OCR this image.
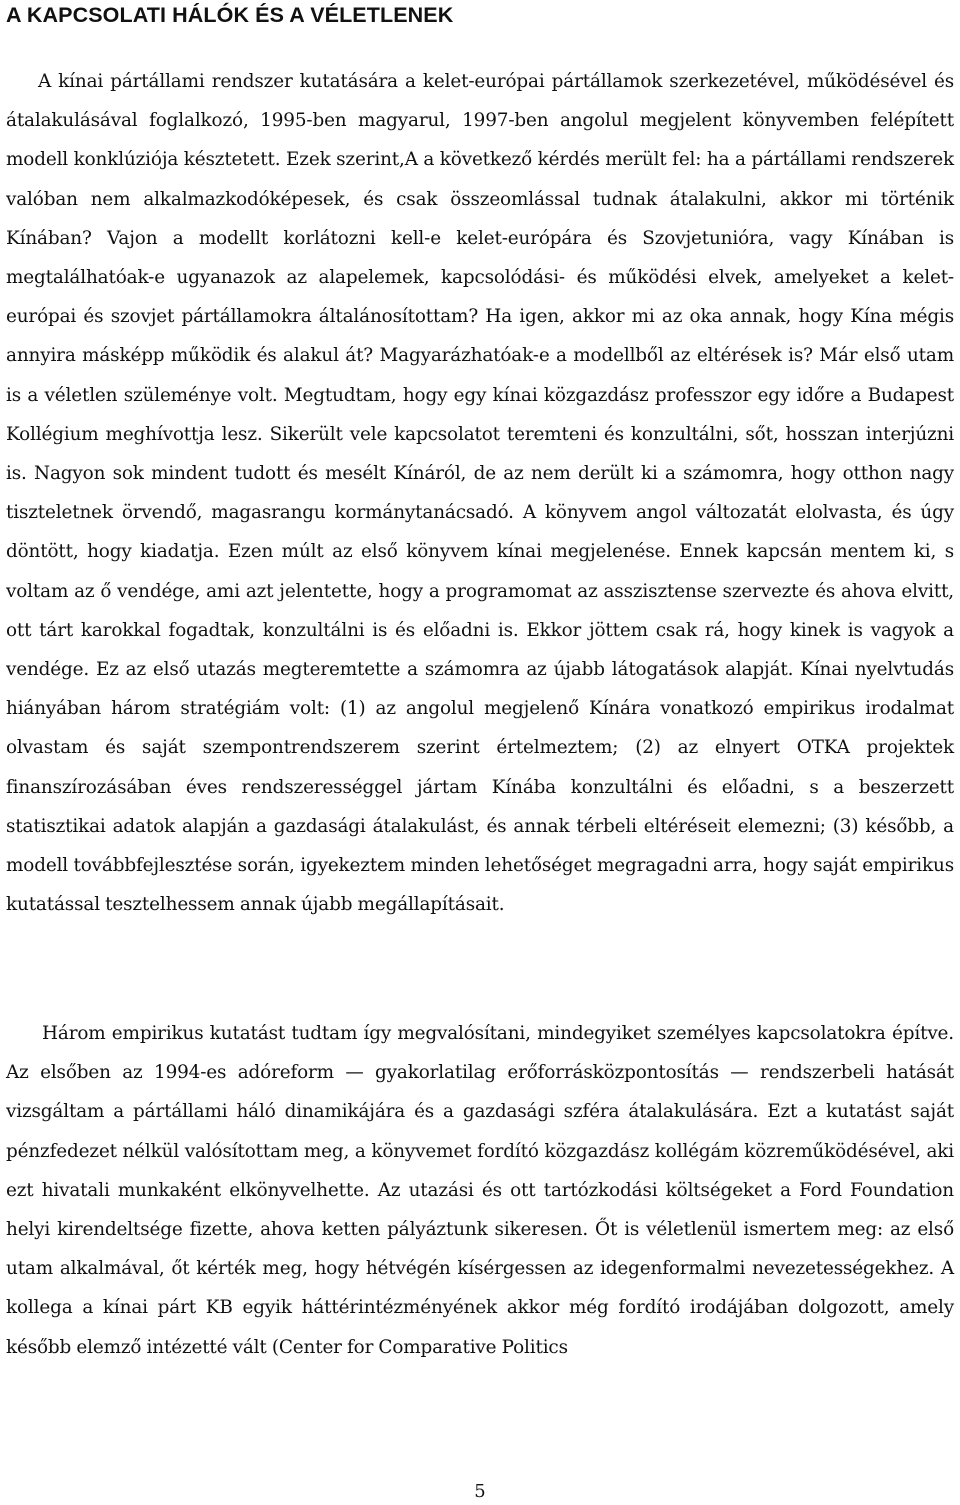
A KAPCSOLATI HÁLÓK ÉS A VÉLETLENEK

A kínai pártállami rendszer kutatására a kelet-európai pártállamok szerkezetével, működésével és átalakulásával foglalkozó, 1995-ben magyarul, 1997-ben angolul megjelent könyvemben felépített modell konklúziója késztetett. Ezek szerint,A a következő kérdés merült fel: ha a pártállami rendszerek valóban nem alkalmazkodóképesek, és csak összeomlással tudnak átalakulni, akkor mi történik Kínában? Vajon a modellt korlátozni kell-e kelet-európára és Szovjetunióra, vagy Kínában is megtalálhatóak-e ugyanazok az alapelemek, kapcsolódási- és működési elvek, amelyeket a kelet-európai és szovjet pártállamokra általánosítottam? Ha igen, akkor mi az oka annak, hogy Kína mégis annyira másképp működik és alakul át? Magyarázhatóak-e a modellből az eltérések is? Már első utam is a véletlen szüleménye volt. Megtudtam, hogy egy kínai közgazdász professzor egy időre a Budapest Kollégium meghívottja lesz. Sikerült vele kapcsolatot teremteni és konzultálni, sőt, hosszan interjúzni is. Nagyon sok mindent tudott és mesélt Kínáról, de az nem derült ki a számomra, hogy otthon nagy tiszteletnek örvendő, magasrangu kormánytanácsadó. A könyvem angol változatát elolvasta, és úgy döntött, hogy kiadatja. Ezen múlt az első könyvem kínai megjelenése. Ennek kapcsán mentem ki, s voltam az ő vendége, ami azt jelentette, hogy a programomat az asszisztense szervezte és ahova elvitt, ott tárt karokkal fogadtak, konzultálni is és előadni is. Ekkor jöttem csak rá, hogy kinek is vagyok a vendége. Ez az első utazás megteremtette a számomra az újabb látogatások alapját. Kínai nyelvtudás hiányában három stratégiám volt: (1) az angolul megjelenő Kínára vonatkozó empirikus irodalmat olvastam és saját szempontrendszerem szerint értelmeztem; (2) az elnyert OTKA projektek finanszírozásában éves rendszerességgel jártam Kínába konzultálni és előadni, s a beszerzett statisztikai adatok alapján a gazdasági átalakulást, és annak térbeli eltéréseit elemezni; (3) később, a modell továbbfejlesztése során, igyekeztem minden lehetőséget megragadni arra, hogy saját empirikus kutatással tesztelhessem annak újabb megállapításait.

Három empirikus kutatást tudtam így megvalósítani, mindegyiket személyes kapcsolatokra építve. Az elsőben az 1994-es adóreform — gyakorlatilag erőforrásközpontosítás — rendszerbeli hatását vizsgáltam a pártállami háló dinamikájára és a gazdasági szféra átalakulására. Ezt a kutatást saját pénzfedezet nélkül valósítottam meg, a könyvemet fordító közgazdász kollégám közreműködésével, aki ezt hivatali munkaként elkönyvelhette. Az utazási és ott tartózkodási költségeket a Ford Foundation helyi kirendeltsége fizette, ahova ketten pályáztunk sikeresen. Őt is véletlenül ismertem meg: az első utam alkalmával, őt kérték meg, hogy hétvégén kísérgessen az idegenformalmi nevezetességekhez. A kollega a kínai párt KB egyik háttérintézményének akkor még fordító irodájában dolgozott, amely később elemző intézetté vált (Center for Comparative Politics

5
